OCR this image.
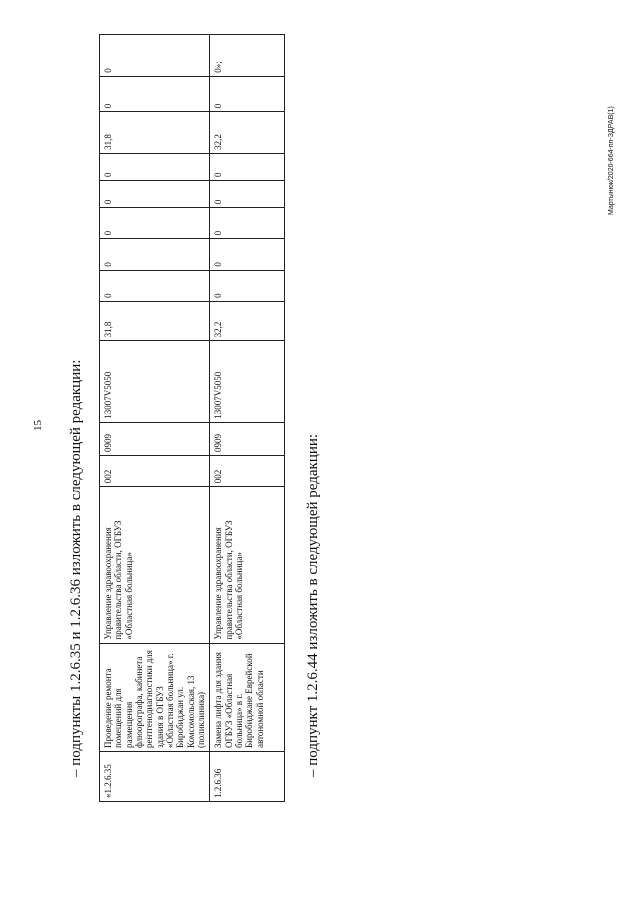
15 – подпункты 1.2.6.35 и 1.2.6.36 изложить в следующей редакции:
«1.2.6.35	Проведение ремонта помещений для размещения флюорографа, кабинета рентгенодиагностики для здания в ОГБУЗ «Областная больница» г. Биробиджан ул. Комсомольская, 13 (поликлиника)	Управление здравоохранения правительства области, ОГБУЗ «Областная больница»	002	0909	13007V5050	31,8	0	0	0	0	0	31,8	0	0
1.2.6.36	Замена лифта для здания ОГБУЗ «Областная больница» в г. Биробиджане Еврейской автономной области	Управление здравоохранения правительства области, ОГБУЗ «Областная больница»	002	0909	13007V5050	32,2	0	0	0	0	0	32,2	0	0»;
– подпункт 1.2.6.44 изложить в следующей редакции:
Мартынюк/2020-664-пп-ЗДРАВ(1)
